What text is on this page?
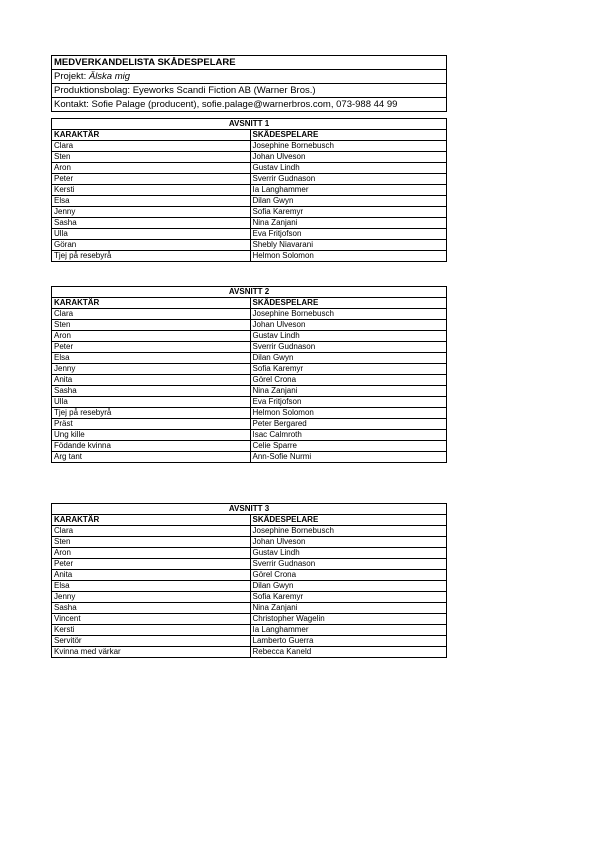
MEDVERKANDELISTA SKÅDESPELARE
Projekt: Älska mig
Produktionsbolag: Eyeworks Scandi Fiction AB (Warner Bros.)
Kontakt: Sofie Palage (producent), sofie.palage@warnerbros.com, 073-988 44 99
AVSNITT 1	
KARAKTÄR	SKÅDESPELARE
Clara	Josephine Bornebusch
Sten	Johan Ulveson
Aron	Gustav Lindh
Peter	Sverrir Gudnason
Kersti	Ia Langhammer
Elsa	Dilan Gwyn
Jenny	Sofia Karemyr
Sasha	Nina Zanjani
Ulla	Eva Fritjofson
Göran	Shebly Niavarani
Tjej på resebyrå	Helmon Solomon
AVSNITT 2	
KARAKTÄR	SKÅDESPELARE
Clara	Josephine Bornebusch
Sten	Johan Ulveson
Aron	Gustav Lindh
Peter	Sverrir Gudnason
Elsa	Dilan Gwyn
Jenny	Sofia Karemyr
Anita	Görel Crona
Sasha	Nina Zanjani
Ulla	Eva Fritjofson
Tjej på resebyrå	Helmon Solomon
Präst	Peter Bergared
Ung kille	Isac Calmroth
Födande kvinna	Celie Sparre
Arg tant	Ann-Sofie Nurmi
AVSNITT 3	
KARAKTÄR	SKÅDESPELARE
Clara	Josephine Bornebusch
Sten	Johan Ulveson
Aron	Gustav Lindh
Peter	Sverrir Gudnason
Anita	Görel Crona
Elsa	Dilan Gwyn
Jenny	Sofia Karemyr
Sasha	Nina Zanjani
Vincent	Christopher Wagelin
Kersti	Ia Langhammer
Servitör	Lamberto Guerra
Kvinna med värkar	Rebecca Kaneld
